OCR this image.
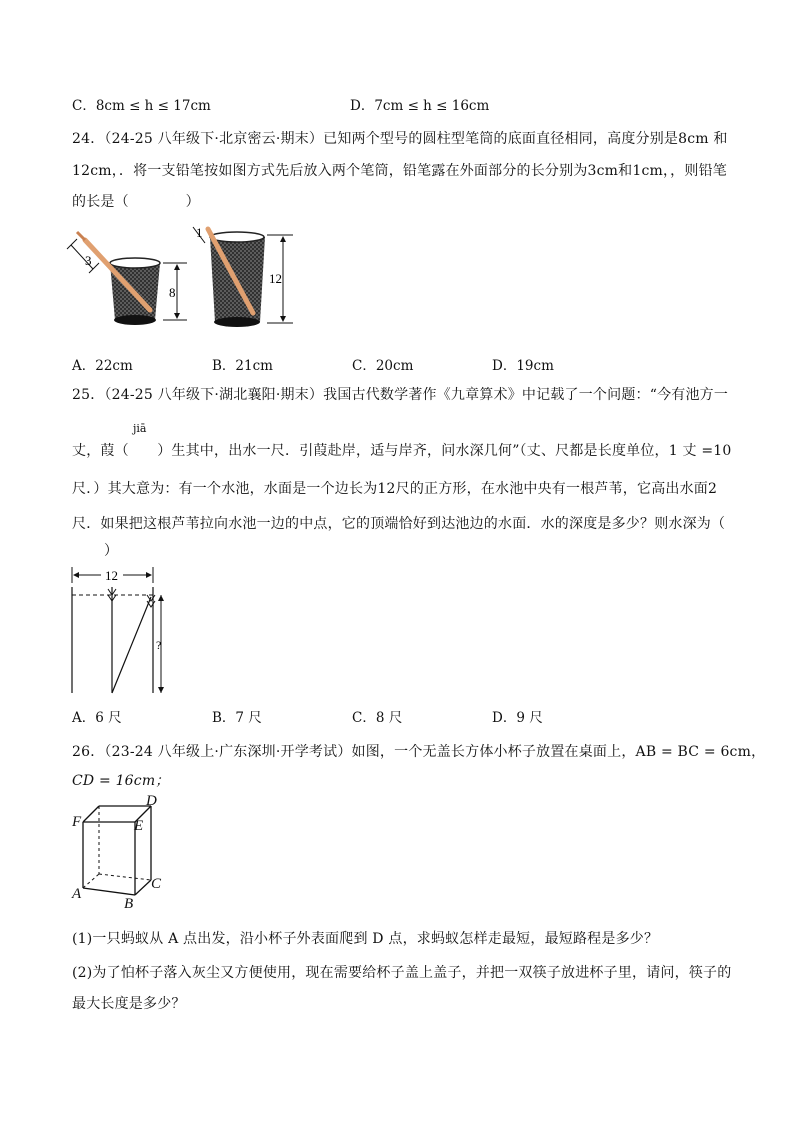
C．8cm ≤ h ≤ 17cm	D．7cm ≤ h ≤ 16cm
24．（24-25 八年级下·北京密云·期末）已知两个型号的圆柱型笔筒的底面直径相同，高度分别是8cm 和
12cm，．将一支铅笔按如图方式先后放入两个笔筒，铅笔露在外面部分的长分别为3cm和1cm，，则铅笔
的长是（　　　　）
3
8
1
12
A．22cm	B．21cm	C．20cm	D．19cm
25．（24-25 八年级下·湖北襄阳·期末）我国古代数学著作《九章算术》中记载了一个问题：“今有池方一
jiā
丈，葭（　　）生其中，出水一尺．引葭赴岸，适与岸齐，问水深几何”（丈、尺都是长度单位，1 丈 =10
尺．）其大意为：有一个水池，水面是一个边长为12尺的正方形，在水池中央有一根芦苇，它高出水面2
尺．如果把这根芦苇拉向水池一边的中点，它的顶端恰好到达池边的水面．水的深度是多少？则水深为（
）
12
?
A．6 尺	B．7 尺	C．8 尺	D．9 尺
26．（23-24 八年级上·广东深圳·开学考试）如图，一个无盖长方体小杯子放置在桌面上，AB = BC = 6cm，
CD = 16cm；
D
F	E
C
A
B
(1)一只蚂蚁从 A 点出发，沿小杯子外表面爬到 D 点，求蚂蚁怎样走最短，最短路程是多少？
(2)为了怕杯子落入灰尘又方便使用，现在需要给杯子盖上盖子，并把一双筷子放进杯子里，请问，筷子的
最大长度是多少？
